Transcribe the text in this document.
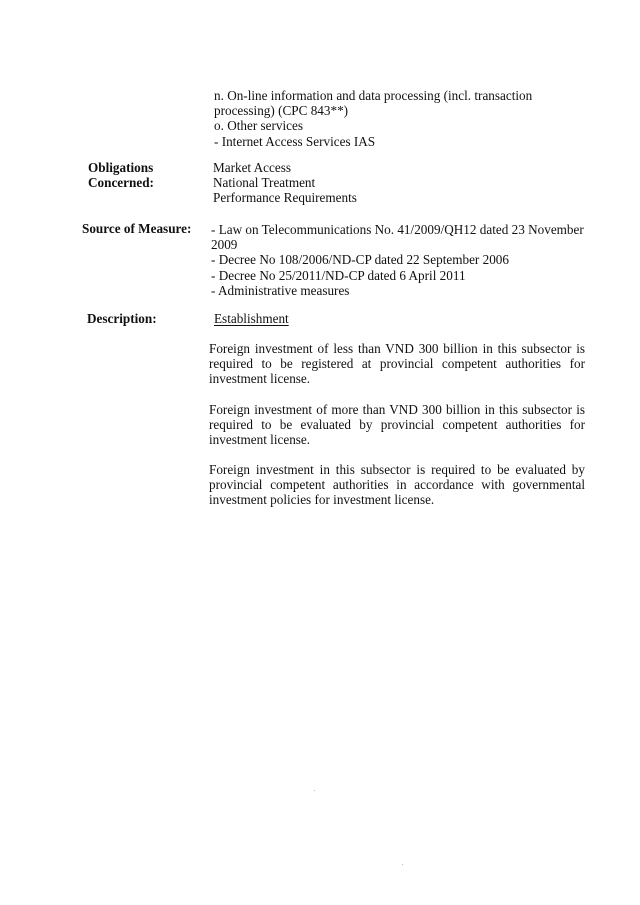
n. On-line information and data processing (incl. transaction
processing) (CPC 843**)
o. Other services
- Internet Access Services IAS
Obligations
Concerned:
Market Access
National Treatment
Performance Requirements
Source of Measure: - Law on Telecommunications No. 41/2009/QH12 dated 23 November
2009
- Decree No 108/2006/ND-CP dated 22 September 2006
- Decree No 25/2011/ND-CP dated 6 April 2011
- Administrative measures
Description:	Establishment
Foreign investment of less than VND 300 billion in this subsector is required to be registered at provincial competent authorities for investment license.
Foreign investment of more than VND 300 billion in this subsector is required to be evaluated by provincial competent authorities for investment license.
Foreign investment in this subsector is required to be evaluated by provincial competent authorities in accordance with governmental investment policies for investment license.
